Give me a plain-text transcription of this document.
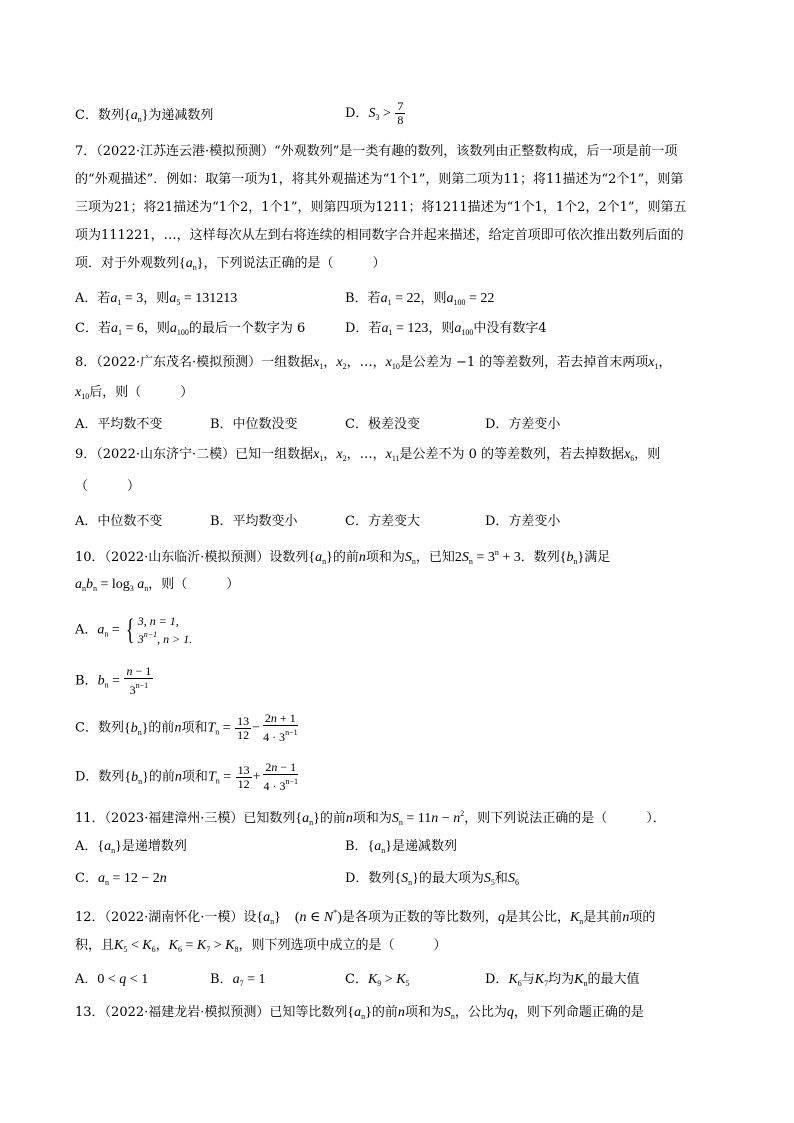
C．数列$\{a_n\}$为递减数列	D．$S_3 > \frac{7}{8}$
7．（2022·江苏连云港·模拟预测）“外观数列”是一类有趣的数列，该数列由正整数构成，后一项是前一项
的“外观描述”．例如：取第一项为1，将其外观描述为“1个1”，则第二项为11；将11描述为“2个1”，则第
三项为21；将21描述为“1个2，1个1”，则第四项为1211；将1211描述为“1个1，1个2，2个1”，则第五
项为111221，…，这样每次从左到右将连续的相同数字合并起来描述，给定首项即可依次推出数列后面的
项．对于外观数列$\{a_n\}$，下列说法正确的是（　　　）
A．若$a_1 = 3$，则$a_5 = 131213$	B．若$a_1 = 22$，则$a_{100} = 22$
C．若$a_1 = 6$，则$a_{100}$的最后一个数字为 6	D．若$a_1 = 123$，则$a_{100}$中没有数字4
8．（2022·广东茂名·模拟预测）一组数据$x_1$，$x_2$，…，$x_{10}$是公差为 −1 的等差数列，若去掉首末两项$x_1$，
$x_{10}$后，则（　　　）
A．平均数不变	B．中位数没变	C．极差没变	D．方差变小
9．（2022·山东济宁·二模）已知一组数据$x_1$，$x_2$，…，$x_{11}$是公差不为 0 的等差数列，若去掉数据$x_6$，则
（　　　）
A．中位数不变	B．平均数变小	C．方差变大	D．方差变小
10．（2022·山东临沂·模拟预测）设数列$\{a_n\}$的前n项和为$S_n$，已知$2S_n = 3^n + 3$．数列$\{b_n\}$满足
$a_nb_n = \log_3 a_n$，则（　　　）
A．$a_n$ = { 3, n = 1,
$3^{n-1}$, n > 1.
B．$b_n = \frac{n - 1}{3^{n-1}}$
C．数列$\{b_n\}$的前n项和$T_n = \frac{13}{12} - \frac{2n + 1}{4 \cdot 3^{n-1}}$
D．数列$\{b_n\}$的前n项和$T_n = \frac{13}{12} + \frac{2n - 1}{4 \cdot 3^{n-1}}$
11．（2023·福建漳州·三模）已知数列$\{a_n\}$的前n项和为$S_n = 11n - n^2$，则下列说法正确的是（　　　）．
A．$\{a_n\}$是递增数列	B．$\{a_n\}$是递减数列
C．$a_n = 12 - 2n$	D．数列$\{S_n\}$的最大项为$S_5$和$S_6$
12．（2022·湖南怀化·一模）设$\{a_n\}$　(n ∈ N*)是各项为正数的等比数列，q是其公比，$K_n$是其前n项的
积，且$K_5 < K_6$，$K_6 = K_7 > K_8$，则下列选项中成立的是（　　　）
A．0 < q < 1	B．$a_7 = 1$	C．$K_9 > K_5$	D．$K_6$与$K_7$均为$K_n$的最大值
13．（2022·福建龙岩·模拟预测）已知等比数列$\{a_n\}$的前n项和为$S_n$，公比为q，则下列命题正确的是
